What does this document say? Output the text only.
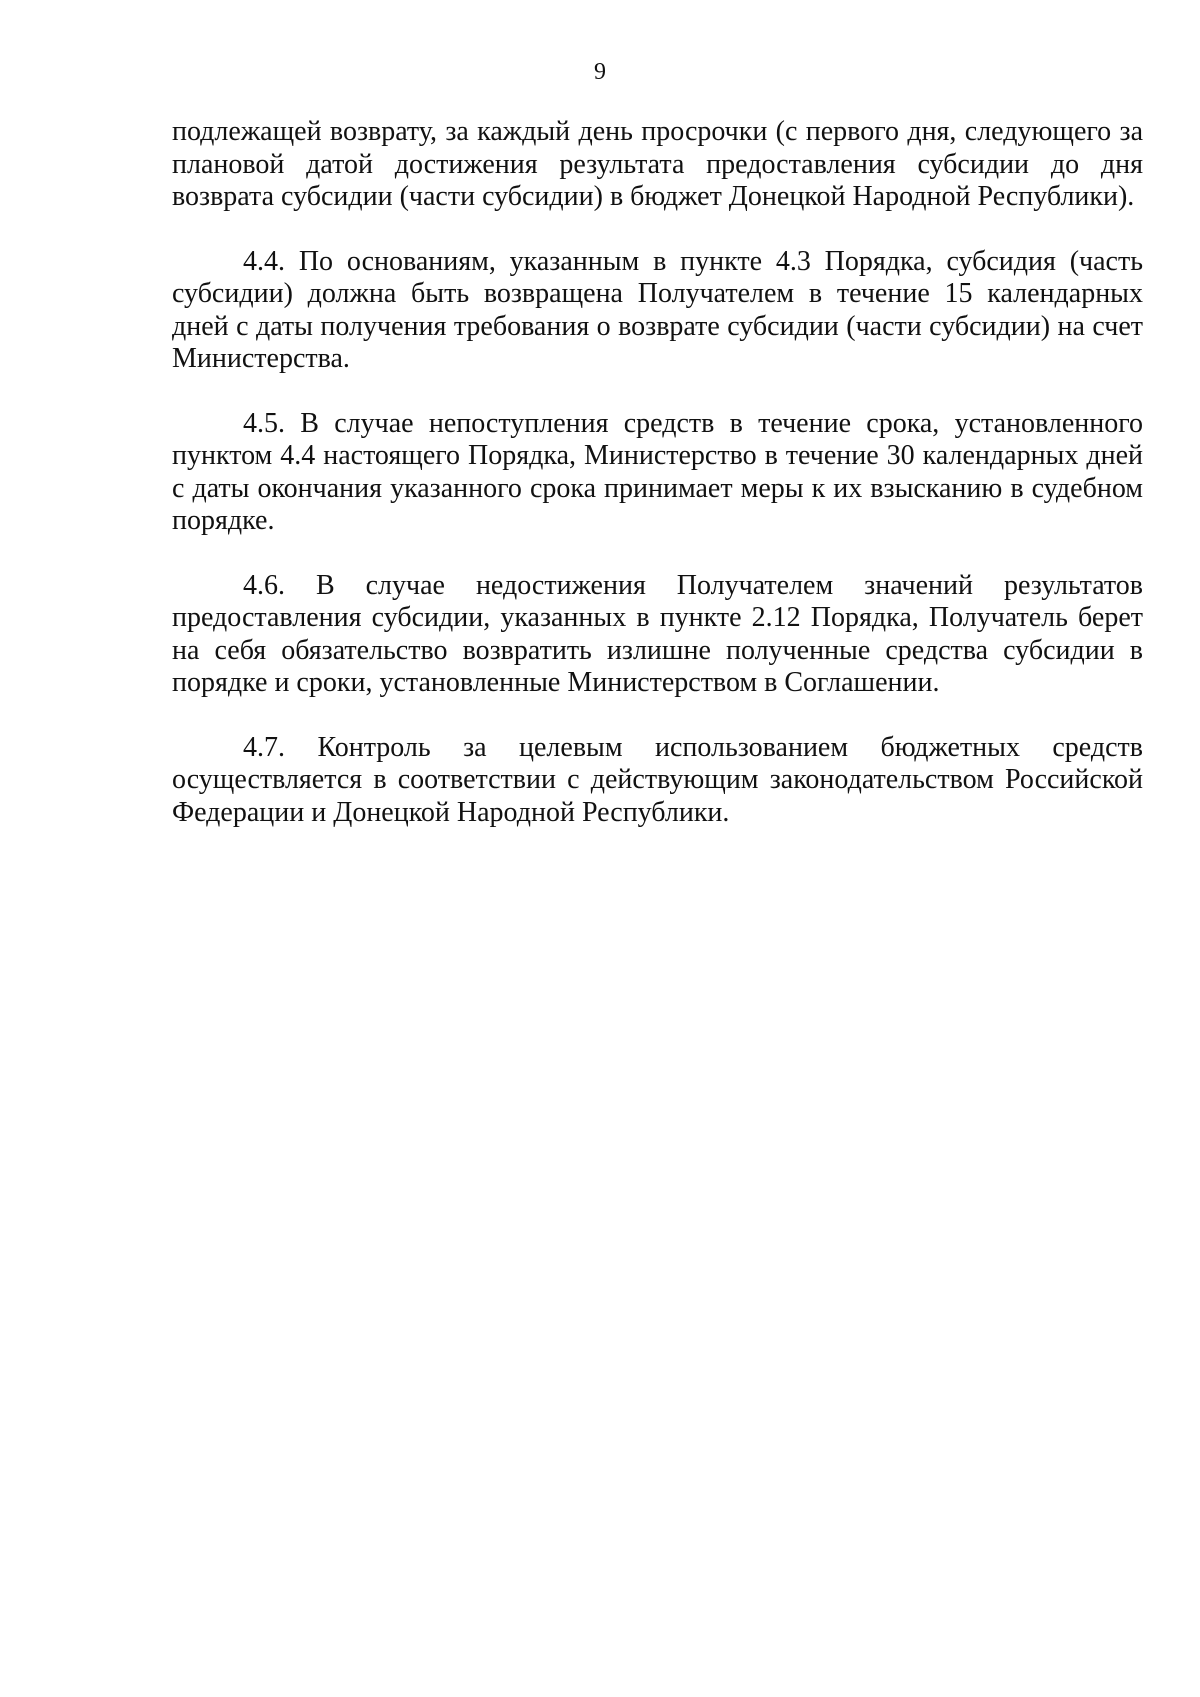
9

подлежащей возврату, за каждый день просрочки (с первого дня, следующего за плановой датой достижения результата предоставления субсидии до дня возврата субсидии (части субсидии) в бюджет Донецкой Народной Республики).

4.4. По основаниям, указанным в пункте 4.3 Порядка, субсидия (часть субсидии) должна быть возвращена Получателем в течение 15 календарных дней с даты получения требования о возврате субсидии (части субсидии) на счет Министерства.

4.5. В случае непоступления средств в течение срока, установленного пунктом 4.4 настоящего Порядка, Министерство в течение 30 календарных дней с даты окончания указанного срока принимает меры к их взысканию в судебном порядке.

4.6. В случае недостижения Получателем значений результатов предоставления субсидии, указанных в пункте 2.12 Порядка, Получатель берет на себя обязательство возвратить излишне полученные средства субсидии в порядке и сроки, установленные Министерством в Соглашении.

4.7. Контроль за целевым использованием бюджетных средств осуществляется в соответствии с действующим законодательством Российской Федерации и Донецкой Народной Республики.
